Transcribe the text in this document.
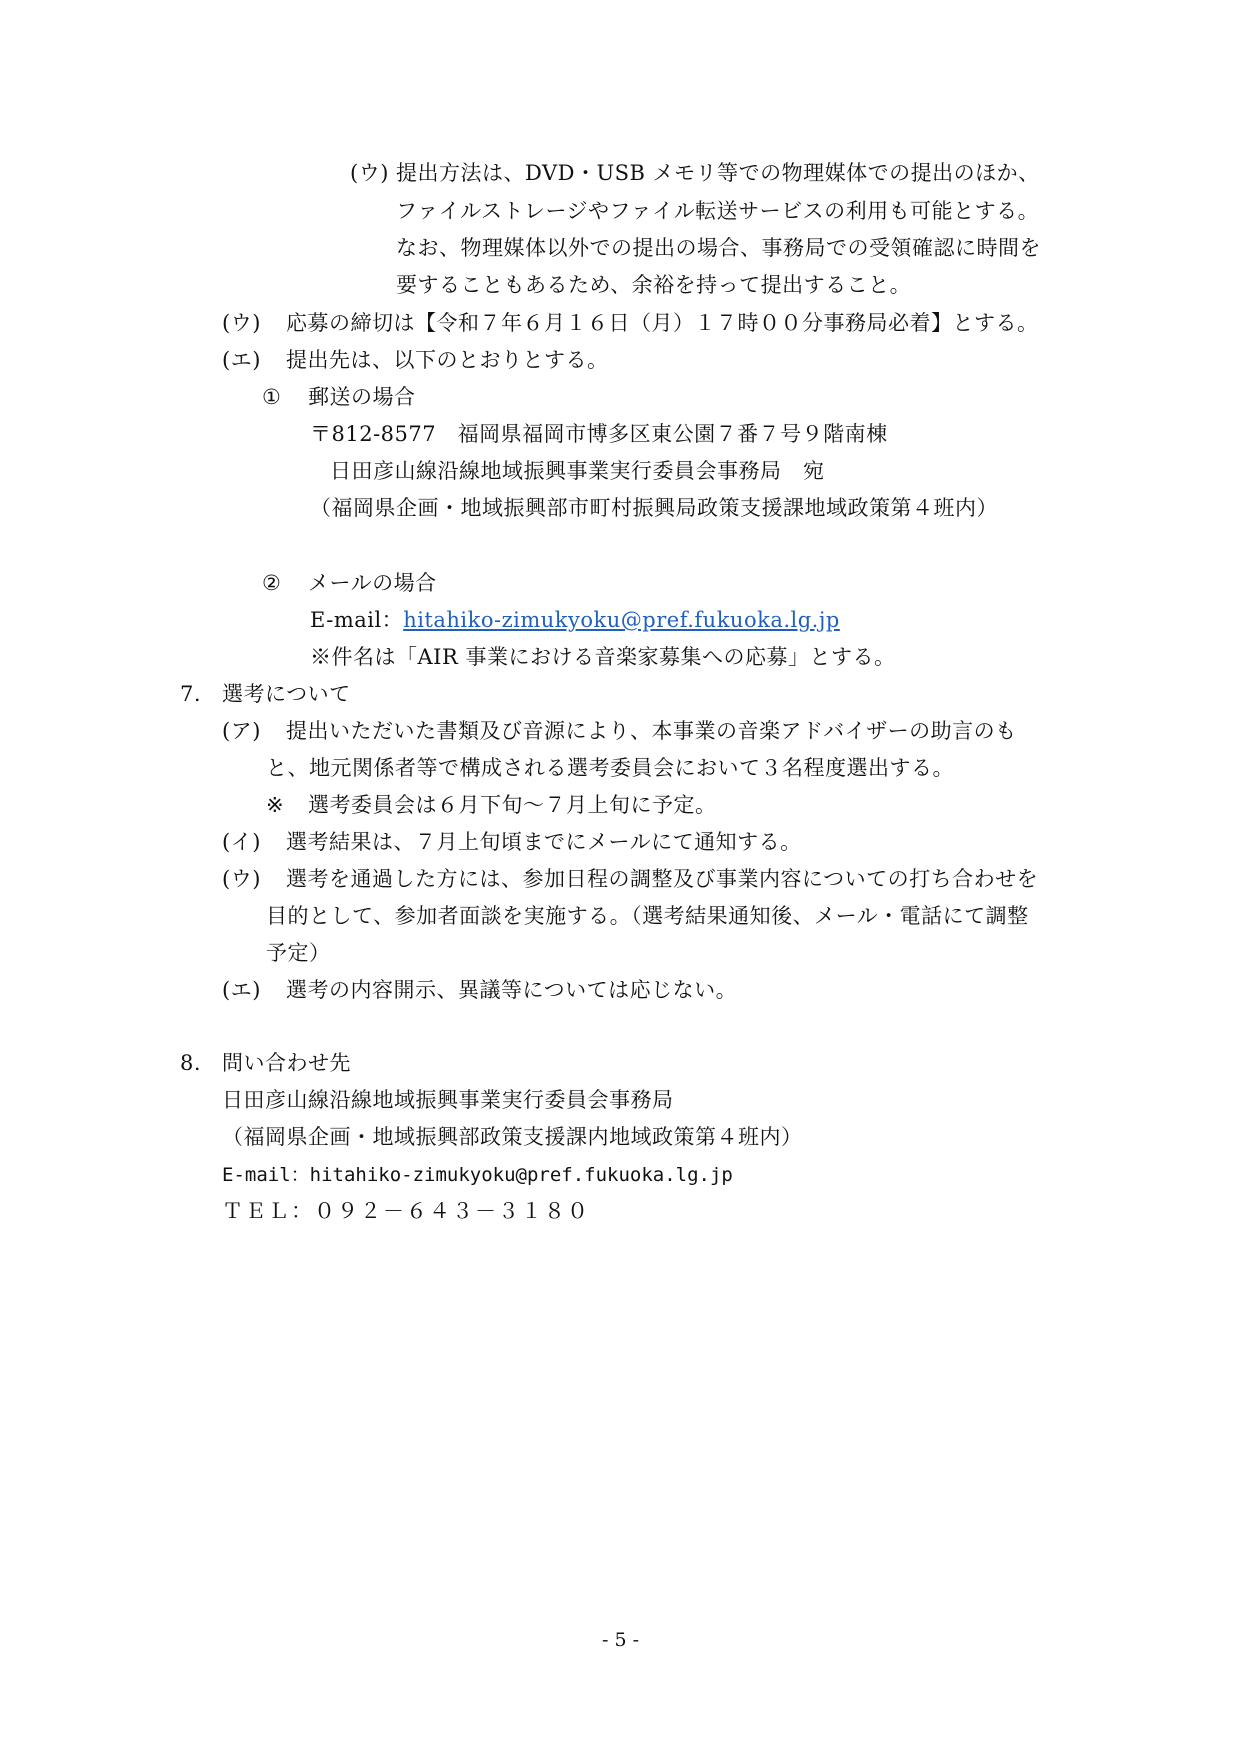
(ウ) 提出方法は、DVD・USB メモリ等での物理媒体での提出のほか、
ファイルストレージやファイル転送サービスの利用も可能とする。
なお、物理媒体以外での提出の場合、事務局での受領確認に時間を
要することもあるため、余裕を持って提出すること。
(ウ) 応募の締切は【令和７年６月１６日（月）１７時００分事務局必着】とする。
(エ) 提出先は、以下のとおりとする。
① 郵送の場合
〒812-8577　福岡県福岡市博多区東公園７番７号９階南棟
日田彦山線沿線地域振興事業実行委員会事務局　宛
（福岡県企画・地域振興部市町村振興局政策支援課地域政策第４班内）
② メールの場合
E-mail：hitahiko-zimukyoku@pref.fukuoka.lg.jp
※件名は「AIR 事業における音楽家募集への応募」とする。
7. 選考について
(ア) 提出いただいた書類及び音源により、本事業の音楽アドバイザーの助言のも
と、地元関係者等で構成される選考委員会において３名程度選出する。
※ 選考委員会は６月下旬～７月上旬に予定。
(イ) 選考結果は、７月上旬頃までにメールにて通知する。
(ウ) 選考を通過した方には、参加日程の調整及び事業内容についての打ち合わせを
目的として、参加者面談を実施する。（選考結果通知後、メール・電話にて調整
予定）
(エ) 選考の内容開示、異議等については応じない。
8. 問い合わせ先
日田彦山線沿線地域振興事業実行委員会事務局
（福岡県企画・地域振興部政策支援課内地域政策第４班内）
E‐mail：hitahiko-zimukyoku@pref.fukuoka.lg.jp
ＴＥＬ：０９２－６４３－３１８０
- 5 -
